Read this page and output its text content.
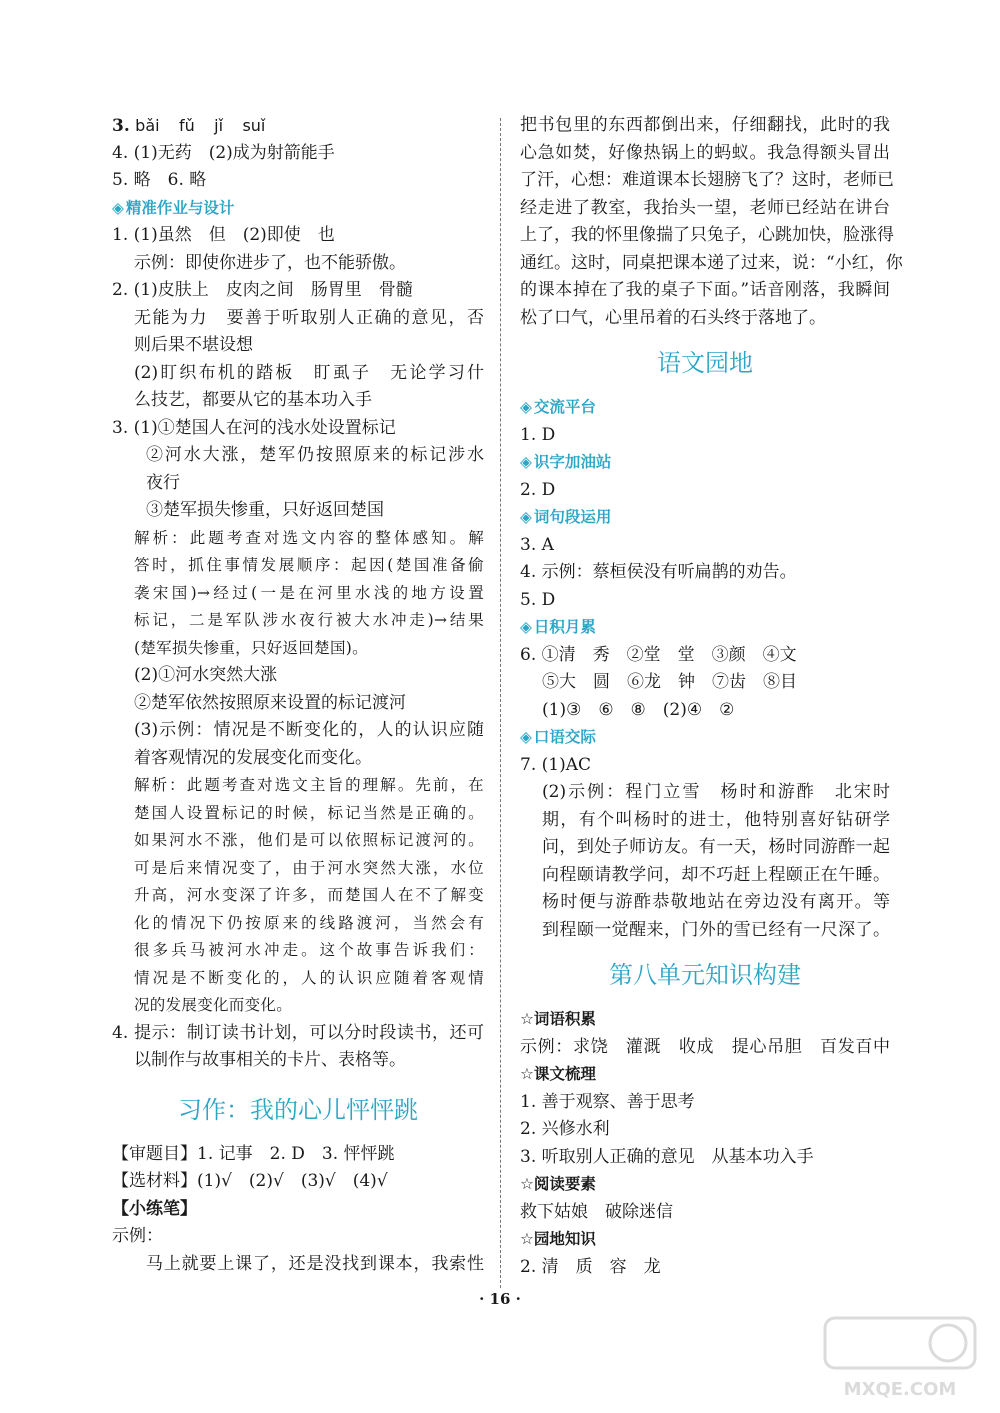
3. bǎi fǔ jǐ suǐ
4. (1)无药　(2)成为射箭能手
5. 略　6. 略
◈ 精准作业与设计
1. (1)虽然　但　(2)即使　也
示例：即使你进步了，也不能骄傲。
2. (1)皮肤上　皮肉之间　肠胃里　骨髓
无能为力　要善于听取别人正确的意见，否
则后果不堪设想
(2)盯织布机的踏板　盯虱子　无论学习什
么技艺，都要从它的基本功入手
3. (1)①楚国人在河的浅水处设置标记
②河水大涨，楚军仍按照原来的标记涉水
夜行
③楚军损失惨重，只好返回楚国
解析：此题考查对选文内容的整体感知。解
答时，抓住事情发展顺序：起因(楚国准备偷
袭宋国)→经过(一是在河里水浅的地方设置
标记，二是军队涉水夜行被大水冲走)→结果
(楚军损失惨重，只好返回楚国)。
(2)①河水突然大涨
②楚军依然按照原来设置的标记渡河
(3)示例：情况是不断变化的，人的认识应随
着客观情况的发展变化而变化。
解析：此题考查对选文主旨的理解。先前，在
楚国人设置标记的时候，标记当然是正确的。
如果河水不涨，他们是可以依照标记渡河的。
可是后来情况变了，由于河水突然大涨，水位
升高，河水变深了许多，而楚国人在不了解变
化的情况下仍按原来的线路渡河，当然会有
很多兵马被河水冲走。这个故事告诉我们：
情况是不断变化的，人的认识应随着客观情
况的发展变化而变化。
4. 提示：制订读书计划，可以分时段读书，还可
以制作与故事相关的卡片、表格等。
习作：我的心儿怦怦跳
【审题目】1. 记事　2. D　3. 怦怦跳
【选材料】(1)√　(2)√　(3)√　(4)√
【小练笔】
示例：
马上就要上课了，还是没找到课本，我索性
把书包里的东西都倒出来，仔细翻找，此时的我
心急如焚，好像热锅上的蚂蚁。我急得额头冒出
了汗，心想：难道课本长翅膀飞了？这时，老师已
经走进了教室，我抬头一望，老师已经站在讲台
上了，我的怀里像揣了只兔子，心跳加快，脸涨得
通红。这时，同桌把课本递了过来，说：“小红，你
的课本掉在了我的桌子下面。”话音刚落，我瞬间
松了口气，心里吊着的石头终于落地了。
语文园地
◈ 交流平台
1. D
◈ 识字加油站
2. D
◈ 词句段运用
3. A
4. 示例：蔡桓侯没有听扁鹊的劝告。
5. D
◈ 日积月累
6. ①清　秀　②堂　堂　③颜　④文
⑤大　圆　⑥龙　钟　⑦齿　⑧目
(1)③　⑥　⑧　(2)④　②
◈ 口语交际
7. (1)AC
(2)示例：程门立雪　杨时和游酢　北宋时
期，有个叫杨时的进士，他特别喜好钻研学
问，到处子师访友。有一天，杨时同游酢一起
向程颐请教学问，却不巧赶上程颐正在午睡。
杨时便与游酢恭敬地站在旁边没有离开。等
到程颐一觉醒来，门外的雪已经有一尺深了。
第八单元知识构建
☆词语积累
示例：求饶　灌溉　收成　提心吊胆　百发百中
☆课文梳理
1. 善于观察、善于思考
2. 兴修水利
3. 听取别人正确的意见　从基本功入手
☆阅读要素
救下姑娘　破除迷信
☆园地知识
2. 清　质　容　龙
· 16 ·
MXQE.COM
